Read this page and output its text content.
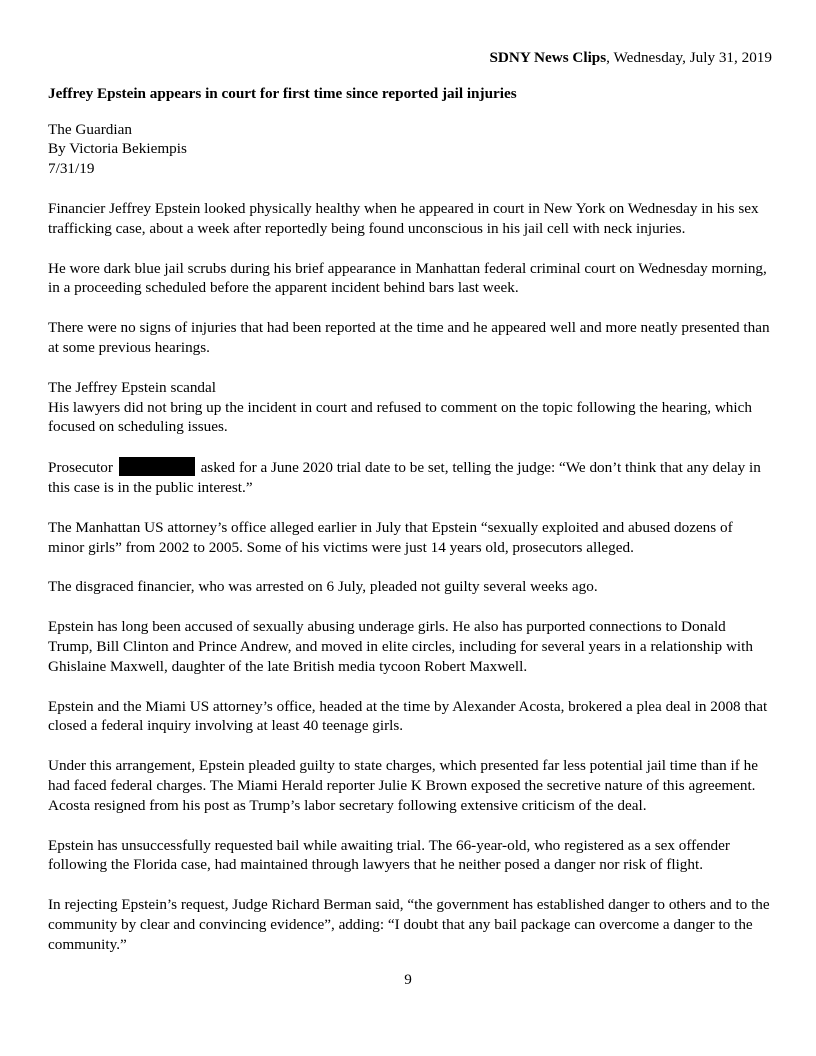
SDNY News Clips, Wednesday, July 31, 2019
Jeffrey Epstein appears in court for first time since reported jail injuries
The Guardian
By Victoria Bekiempis
7/31/19

Financier Jeffrey Epstein looked physically healthy when he appeared in court in New York on Wednesday in his sex trafficking case, about a week after reportedly being found unconscious in his jail cell with neck injuries.

He wore dark blue jail scrubs during his brief appearance in Manhattan federal criminal court on Wednesday morning, in a proceeding scheduled before the apparent incident behind bars last week.

There were no signs of injuries that had been reported at the time and he appeared well and more neatly presented than at some previous hearings.

The Jeffrey Epstein scandal

His lawyers did not bring up the incident in court and refused to comment on the topic following the hearing, which focused on scheduling issues.

Prosecutor	asked for a June 2020 trial date to be set, telling the judge: “We don’t think that any delay in this case is in the public interest.”

The Manhattan US attorney’s office alleged earlier in July that Epstein “sexually exploited and abused dozens of minor girls” from 2002 to 2005. Some of his victims were just 14 years old, prosecutors alleged.

The disgraced financier, who was arrested on 6 July, pleaded not guilty several weeks ago.

Epstein has long been accused of sexually abusing underage girls. He also has purported connections to Donald Trump, Bill Clinton and Prince Andrew, and moved in elite circles, including for several years in a relationship with Ghislaine Maxwell, daughter of the late British media tycoon Robert Maxwell.

Epstein and the Miami US attorney’s office, headed at the time by Alexander Acosta, brokered a plea deal in 2008 that closed a federal inquiry involving at least 40 teenage girls.

Under this arrangement, Epstein pleaded guilty to state charges, which presented far less potential jail time than if he had faced federal charges. The Miami Herald reporter Julie K Brown exposed the secretive nature of this agreement. Acosta resigned from his post as Trump’s labor secretary following extensive criticism of the deal.

Epstein has unsuccessfully requested bail while awaiting trial. The 66-year-old, who registered as a sex offender following the Florida case, had maintained through lawyers that he neither posed a danger nor risk of flight.

In rejecting Epstein’s request, Judge Richard Berman said, “the government has established danger to others and to the community by clear and convincing evidence”, adding: “I doubt that any bail package can overcome a danger to the community.”

9
